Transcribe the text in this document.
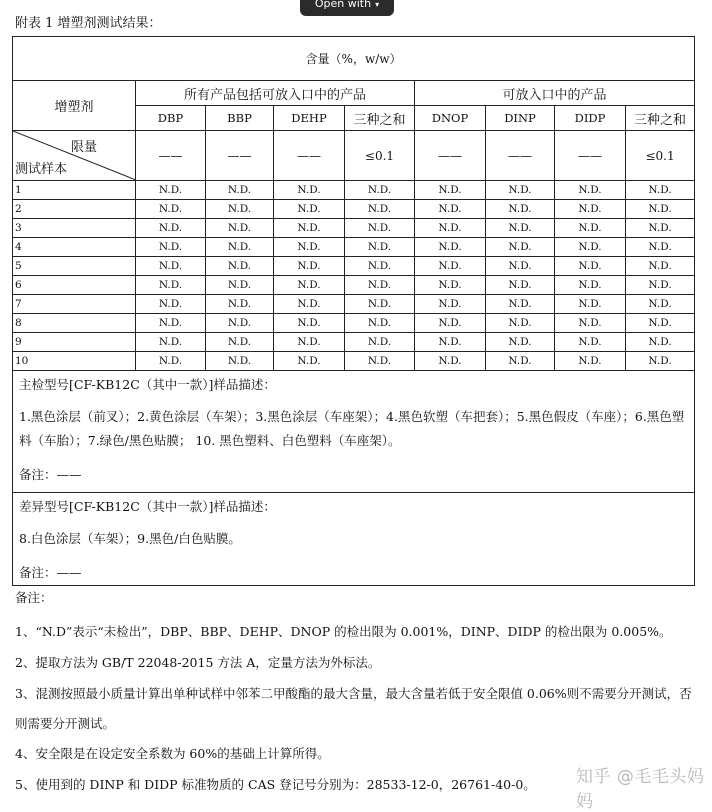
Open with ▾
附表 1 增塑剂测试结果：
含量（%，w/w）								
增塑剂	所有产品包括可放入口中的产品				可放入口中的产品			
	DBP	BBP	DEHP	三种之和	DNOP	DINP	DIDP	三种之和

限量
测试样本	——	——	——	≤0.1	——	——	——	≤0.1
1	N.D.	N.D.	N.D.	N.D.	N.D.	N.D.	N.D.	N.D.
2	N.D.	N.D.	N.D.	N.D.	N.D.	N.D.	N.D.	N.D.
3	N.D.	N.D.	N.D.	N.D.	N.D.	N.D.	N.D.	N.D.
4	N.D.	N.D.	N.D.	N.D.	N.D.	N.D.	N.D.	N.D.
5	N.D.	N.D.	N.D.	N.D.	N.D.	N.D.	N.D.	N.D.
6	N.D.	N.D.	N.D.	N.D.	N.D.	N.D.	N.D.	N.D.
7	N.D.	N.D.	N.D.	N.D.	N.D.	N.D.	N.D.	N.D.
8	N.D.	N.D.	N.D.	N.D.	N.D.	N.D.	N.D.	N.D.
9	N.D.	N.D.	N.D.	N.D.	N.D.	N.D.	N.D.	N.D.
10	N.D.	N.D.	N.D.	N.D.	N.D.	N.D.	N.D.	N.D.

主检型号[CF-KB12C（其中一款）]样品描述：

1.黑色涂层（前叉）；2.黄色涂层（车架）；3.黑色涂层（车座架）；4.黑色软塑（车把套）；5.黑色假皮（车座）；6.黑色塑料（车胎）；7.绿色/黑色贴膜； 10. 黑色塑料、白色塑料（车座架）。

备注：——								

差异型号[CF-KB12C（其中一款）]样品描述：

8.白色涂层（车架）；9.黑色/白色贴膜。

备注：——								

备注：

1、“N.D”表示“未检出”，DBP、BBP、DEHP、DNOP 的检出限为 0.001%，DINP、DIDP 的检出限为 0.005%。

2、提取方法为 GB/T 22048-2015 方法 A，定量方法为外标法。

3、混测按照最小质量计算出单种试样中邻苯二甲酸酯的最大含量，最大含量若低于安全限值 0.06%则不需要分开测试，否则需要分开测试。

4、安全限是在设定安全系数为 60%的基础上计算所得。

5、使用到的 DINP 和 DIDP 标准物质的 CAS 登记号分别为：28533-12-0，26761-40-0。	知乎 @毛毛头妈妈
